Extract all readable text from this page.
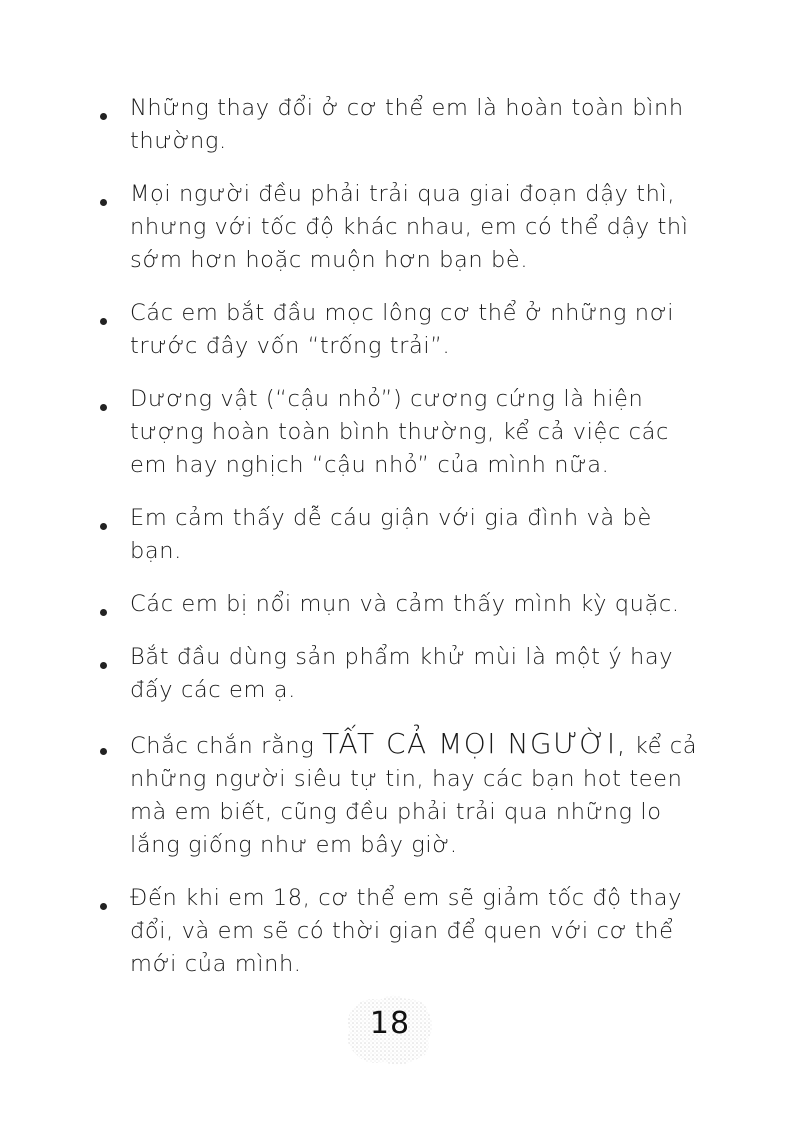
Những thay đổi ở cơ thể em là hoàn toàn bình thường.
Mọi người đều phải trải qua giai đoạn dậy thì, nhưng với tốc độ khác nhau, em có thể dậy thì sớm hơn hoặc muộn hơn bạn bè.
Các em bắt đầu mọc lông cơ thể ở những nơi trước đây vốn “trống trải”.
Dương vật (“cậu nhỏ”) cương cứng là hiện tượng hoàn toàn bình thường, kể cả việc các em hay nghịch “cậu nhỏ” của mình nữa.
Em cảm thấy dễ cáu giận với gia đình và bè bạn.
Các em bị nổi mụn và cảm thấy mình kỳ quặc.
Bắt đầu dùng sản phẩm khử mùi là một ý hay đấy các em ạ.
Chắc chắn rằng TẤT CẢ MỌI NGƯỜI, kể cả những người siêu tự tin, hay các bạn hot teen mà em biết, cũng đều phải trải qua những lo lắng giống như em bây giờ.
Đến khi em 18, cơ thể em sẽ giảm tốc độ thay đổi, và em sẽ có thời gian để quen với cơ thể mới của mình.
18
